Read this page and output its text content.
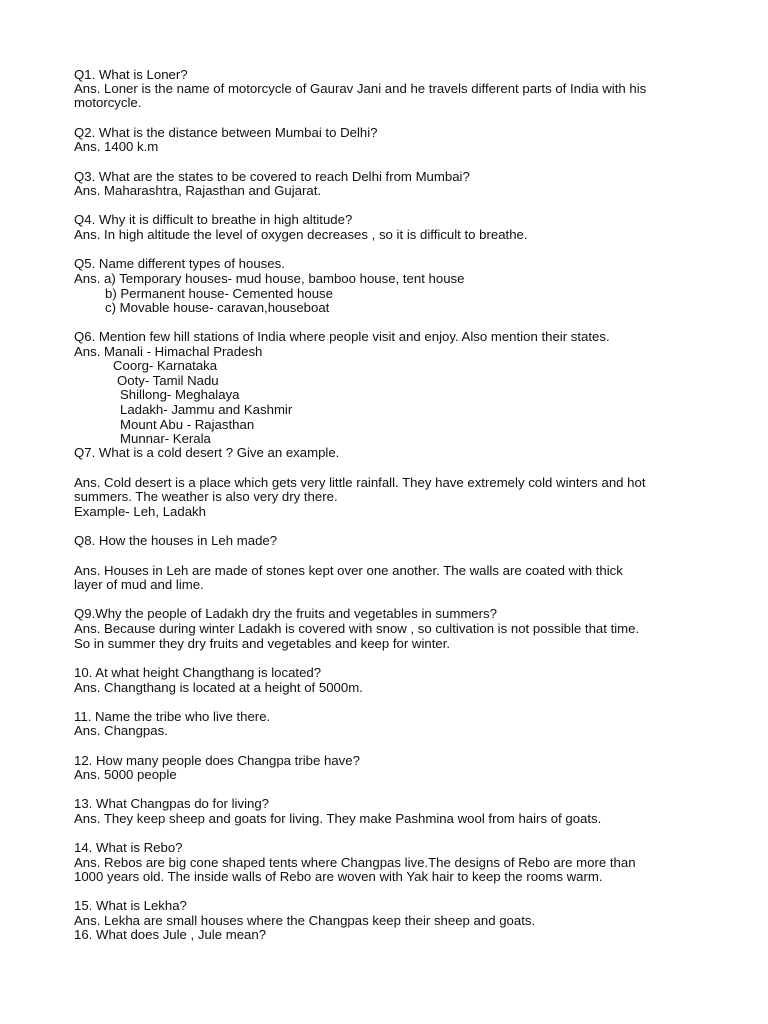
Q1. What is Loner?
Ans. Loner is the name of motorcycle of Gaurav Jani and he travels different parts of India with his
motorcycle.
Q2. What is the distance between Mumbai to Delhi?
Ans. 1400 k.m
Q3. What are the states to be covered to reach Delhi from Mumbai?
Ans. Maharashtra, Rajasthan and Gujarat.
Q4. Why it is difficult to breathe in high altitude?
Ans. In high altitude the level of oxygen decreases , so it is difficult to breathe.
Q5. Name different types of houses.
Ans. a) Temporary houses- mud house, bamboo house, tent house
b) Permanent house- Cemented house
c) Movable house- caravan,houseboat
Q6. Mention few hill stations of India where people visit and enjoy. Also mention their states.
Ans. Manali - Himachal Pradesh
Coorg- Karnataka
Ooty- Tamil Nadu
Shillong- Meghalaya
Ladakh- Jammu and Kashmir
Mount Abu - Rajasthan
Munnar- Kerala
Q7. What is a cold desert ? Give an example.
Ans. Cold desert is a place which gets very little rainfall. They have extremely cold winters and hot
summers. The weather is also very dry there.
Example- Leh, Ladakh
Q8. How the houses in Leh made?
Ans. Houses in Leh are made of stones kept over one another. The walls are coated with thick
layer of mud and lime.
Q9.Why the people of Ladakh dry the fruits and vegetables in summers?
Ans. Because during winter Ladakh is covered with snow , so cultivation is not possible that time.
So in summer they dry fruits and vegetables and keep for winter.
10. At what height Changthang is located?
Ans. Changthang is located at a height of 5000m.
11. Name the tribe who live there.
Ans. Changpas.
12. How many people does Changpa tribe have?
Ans. 5000 people
13. What Changpas do for living?
Ans. They keep sheep and goats for living. They make Pashmina wool from hairs of goats.
14. What is Rebo?
Ans. Rebos are big cone shaped tents where Changpas live.The designs of Rebo are more than
1000 years old. The inside walls of Rebo are woven with Yak hair to keep the rooms warm.
15. What is Lekha?
Ans. Lekha are small houses where the Changpas keep their sheep and goats.
16. What does Jule , Jule mean?
